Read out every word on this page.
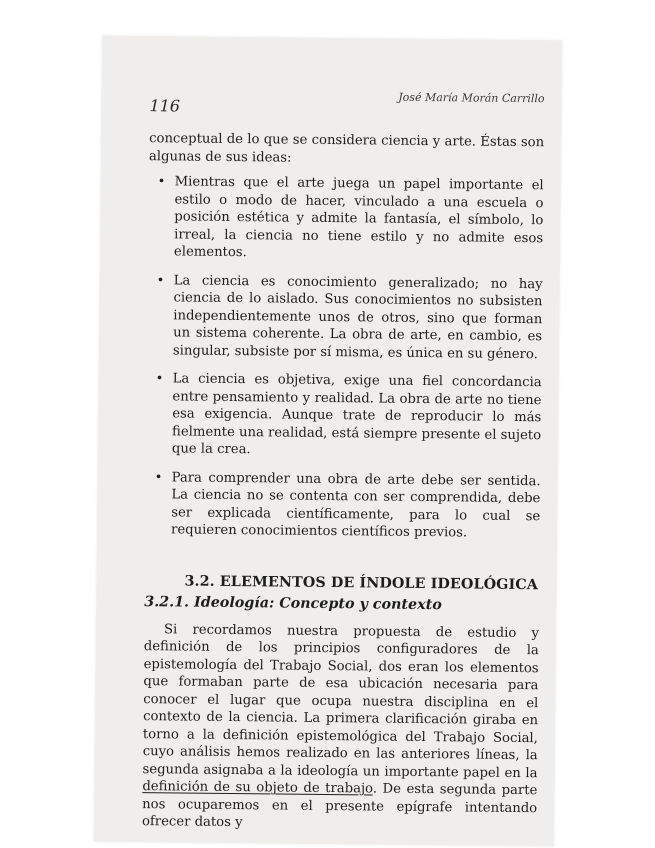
116	José María Morán Carrillo

conceptual de lo que se considera ciencia y arte. Éstas son algunas de sus ideas:

• Mientras que el arte juega un papel importante el estilo o modo de hacer, vinculado a una escuela o posición estética y admite la fantasía, el símbolo, lo irreal, la ciencia no tiene estilo y no admite esos elementos.
• La ciencia es conocimiento generalizado; no hay ciencia de lo aislado. Sus conocimientos no subsisten independientemente unos de otros, sino que forman un sistema coherente. La obra de arte, en cambio, es singular, subsiste por sí misma, es única en su género.
• La ciencia es objetiva, exige una fiel concordancia entre pensamiento y realidad. La obra de arte no tiene esa exigencia. Aunque trate de reproducir lo más fielmente una realidad, está siempre presente el sujeto que la crea.
• Para comprender una obra de arte debe ser sentida. La ciencia no se contenta con ser comprendida, debe ser explicada científicamente, para lo cual se requieren conocimientos científicos previos.
3.2. ELEMENTOS DE ÍNDOLE IDEOLÓGICA
3.2.1. Ideología: Concepto y contexto

Si recordamos nuestra propuesta de estudio y definición de los principios configuradores de la epistemología del Trabajo Social, dos eran los elementos que formaban parte de esa ubicación necesaria para conocer el lugar que ocupa nuestra disciplina en el contexto de la ciencia. La primera clarificación giraba en torno a la definición epistemológica del Trabajo Social, cuyo análisis hemos realizado en las anteriores líneas, la segunda asignaba a la ideología un importante papel en la definición de su objeto de trabajo. De esta segunda parte nos ocuparemos en el presente epígrafe intentando ofrecer datos y
